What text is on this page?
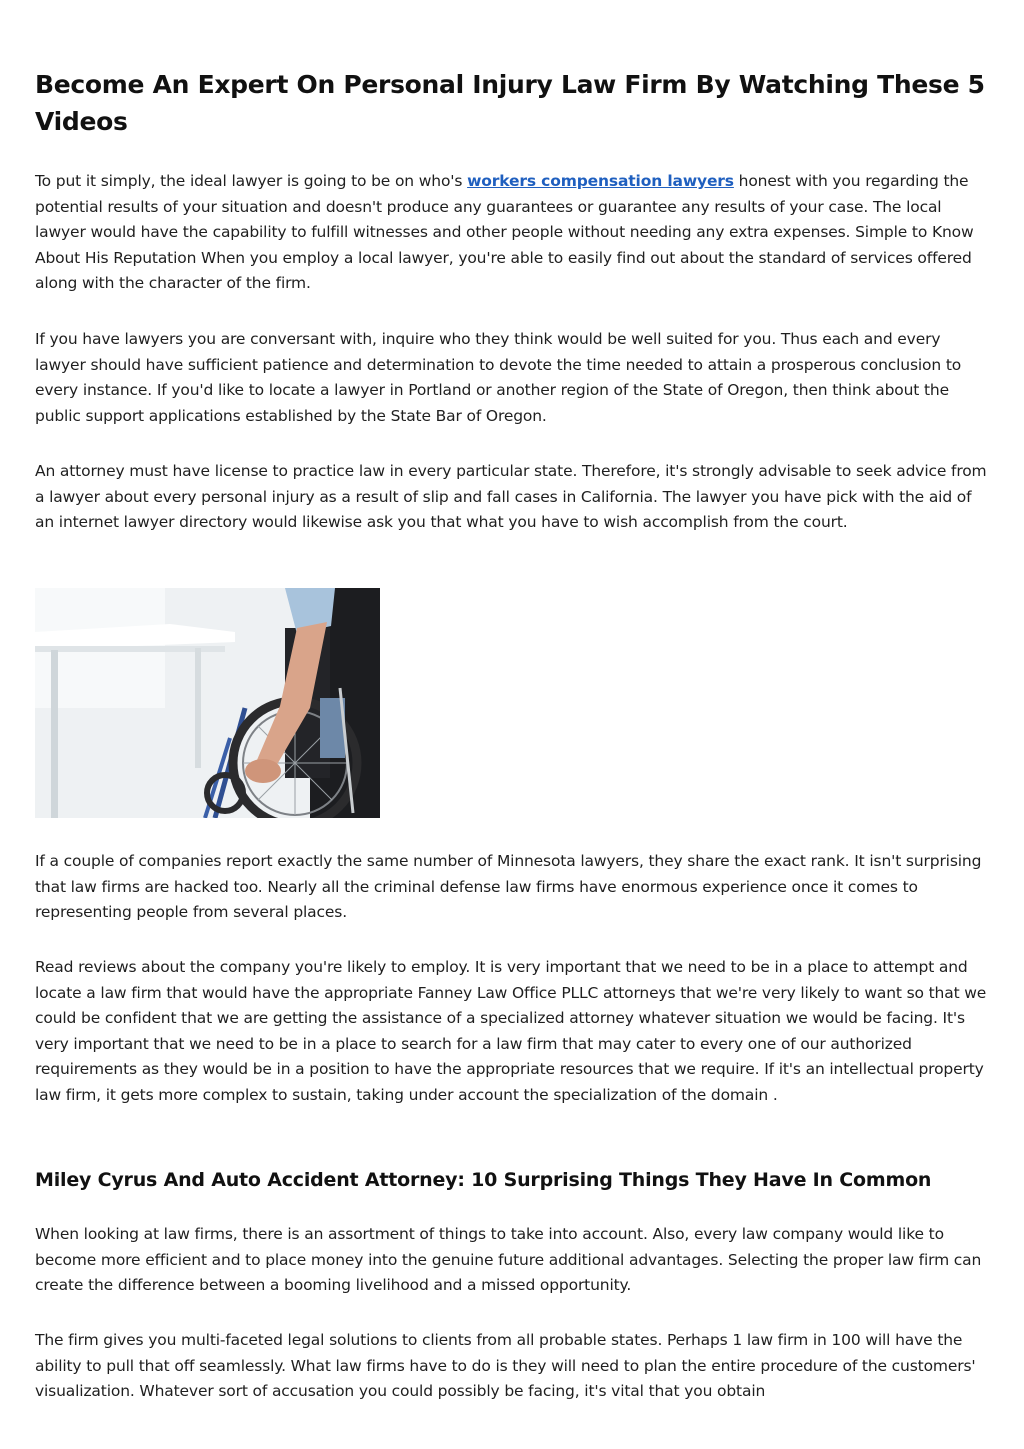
Become An Expert On Personal Injury Law Firm By Watching These 5 Videos

To put it simply, the ideal lawyer is going to be on who's workers compensation lawyers honest with you regarding the potential results of your situation and doesn't produce any guarantees or guarantee any results of your case. The local lawyer would have the capability to fulfill witnesses and other people without needing any extra expenses. Simple to Know About His Reputation When you employ a local lawyer, you're able to easily find out about the standard of services offered along with the character of the firm.

If you have lawyers you are conversant with, inquire who they think would be well suited for you. Thus each and every lawyer should have sufficient patience and determination to devote the time needed to attain a prosperous conclusion to every instance. If you'd like to locate a lawyer in Portland or another region of the State of Oregon, then think about the public support applications established by the State Bar of Oregon.

An attorney must have license to practice law in every particular state. Therefore, it's strongly advisable to seek advice from a lawyer about every personal injury as a result of slip and fall cases in California. The lawyer you have pick with the aid of an internet lawyer directory would likewise ask you that what you have to wish accomplish from the court.

If a couple of companies report exactly the same number of Minnesota lawyers, they share the exact rank. It isn't surprising that law firms are hacked too. Nearly all the criminal defense law firms have enormous experience once it comes to representing people from several places.

Read reviews about the company you're likely to employ. It is very important that we need to be in a place to attempt and locate a law firm that would have the appropriate Fanney Law Office PLLC attorneys that we're very likely to want so that we could be confident that we are getting the assistance of a specialized attorney whatever situation we would be facing. It's very important that we need to be in a place to search for a law firm that may cater to every one of our authorized requirements as they would be in a position to have the appropriate resources that we require. If it's an intellectual property law firm, it gets more complex to sustain, taking under account the specialization of the domain .

Miley Cyrus And Auto Accident Attorney: 10 Surprising Things They Have In Common

When looking at law firms, there is an assortment of things to take into account. Also, every law company would like to become more efficient and to place money into the genuine future additional advantages. Selecting the proper law firm can create the difference between a booming livelihood and a missed opportunity.

The firm gives you multi-faceted legal solutions to clients from all probable states. Perhaps 1 law firm in 100 will have the ability to pull that off seamlessly. What law firms have to do is they will need to plan the entire procedure of the customers' visualization. Whatever sort of accusation you could possibly be facing, it's vital that you obtain
